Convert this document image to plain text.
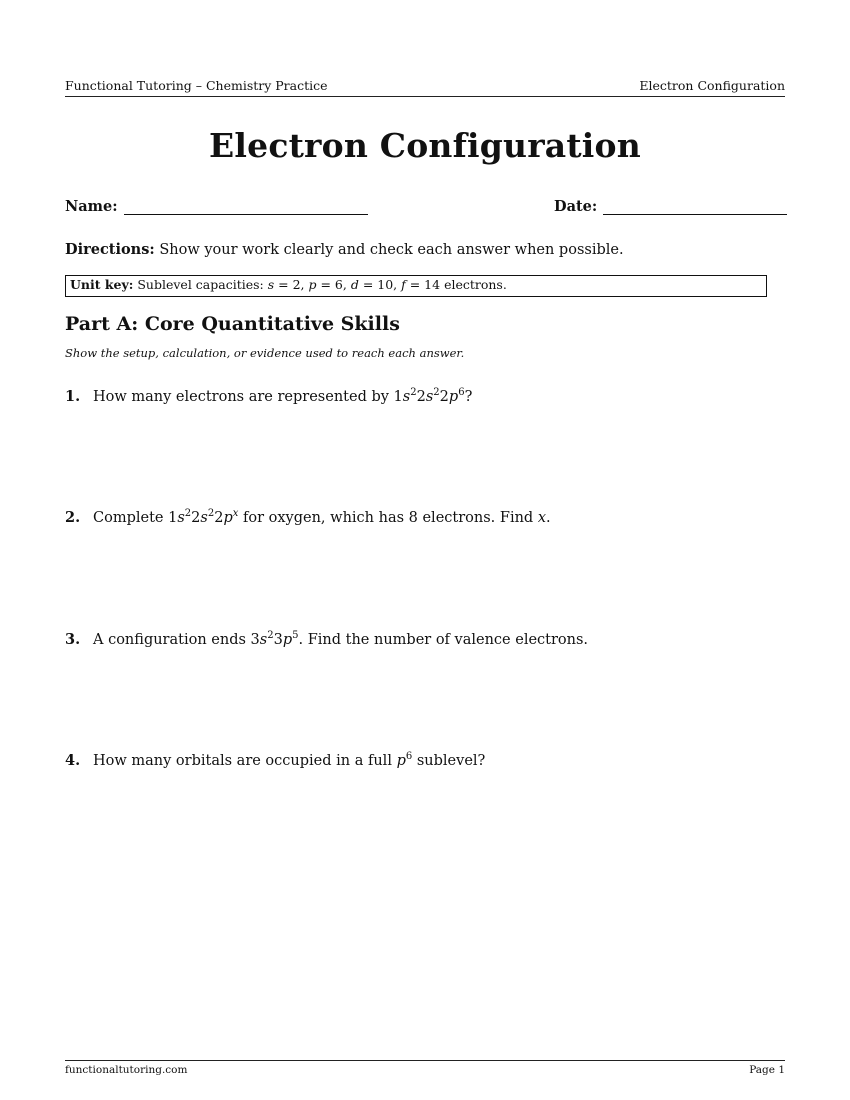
Functional Tutoring – Chemistry Practice	Electron Configuration
Electron Configuration
Name:	Date:
Directions: Show your work clearly and check each answer when possible.
Unit key: Sublevel capacities: s = 2, p = 6, d = 10, f = 14 electrons.
Part A: Core Quantitative Skills
Show the setup, calculation, or evidence used to reach each answer.
1. How many electrons are represented by $1s^22s^22p^6$?
2. Complete $1s^22s^22p^x$ for oxygen, which has 8 electrons. Find x.
3. A configuration ends $3s^23p^5$. Find the number of valence electrons.
4. How many orbitals are occupied in a full $p^6$ sublevel?
functionaltutoring.com	Page 1
